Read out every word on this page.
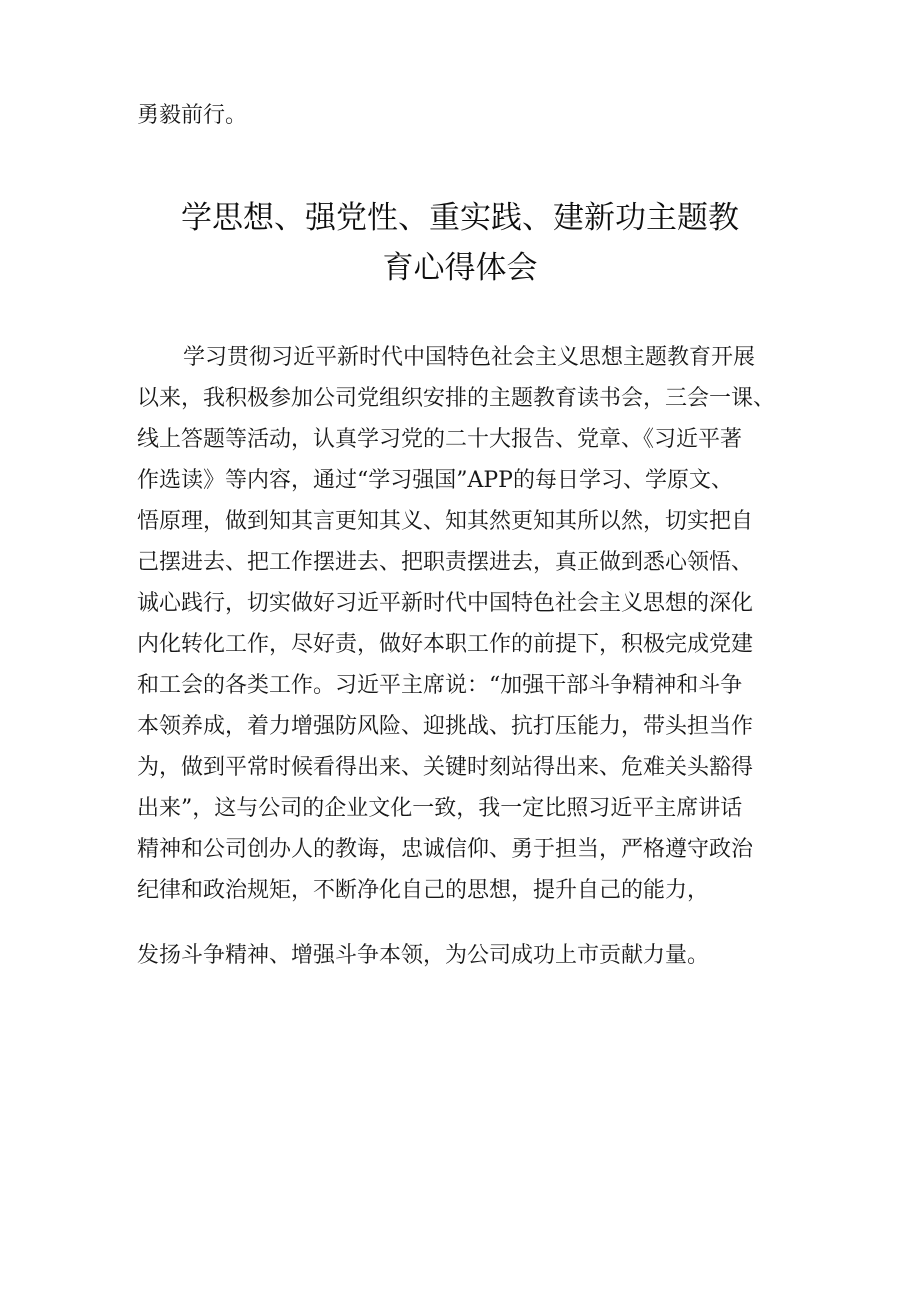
勇毅前行。
学思想、强党性、重实践、建新功主题教
育心得体会
学习贯彻习近平新时代中国特色社会主义思想主题教育开展
以来，我积极参加公司党组织安排的主题教育读书会，三会一课、
线上答题等活动，认真学习党的二十大报告、党章、《习近平著
作选读》等内容，通过“学习强国”APP的每日学习、学原文、
悟原理，做到知其言更知其义、知其然更知其所以然，切实把自
己摆进去、把工作摆进去、把职责摆进去，真正做到悉心领悟、
诚心践行，切实做好习近平新时代中国特色社会主义思想的深化
内化转化工作，尽好责，做好本职工作的前提下，积极完成党建
和工会的各类工作。习近平主席说：“加强干部斗争精神和斗争
本领养成，着力增强防风险、迎挑战、抗打压能力，带头担当作
为，做到平常时候看得出来、关键时刻站得出来、危难关头豁得
出来”，这与公司的企业文化一致，我一定比照习近平主席讲话
精神和公司创办人的教诲，忠诚信仰、勇于担当，严格遵守政治
纪律和政治规矩，不断净化自己的思想，提升自己的能力，
发扬斗争精神、增强斗争本领，为公司成功上市贡献力量。
